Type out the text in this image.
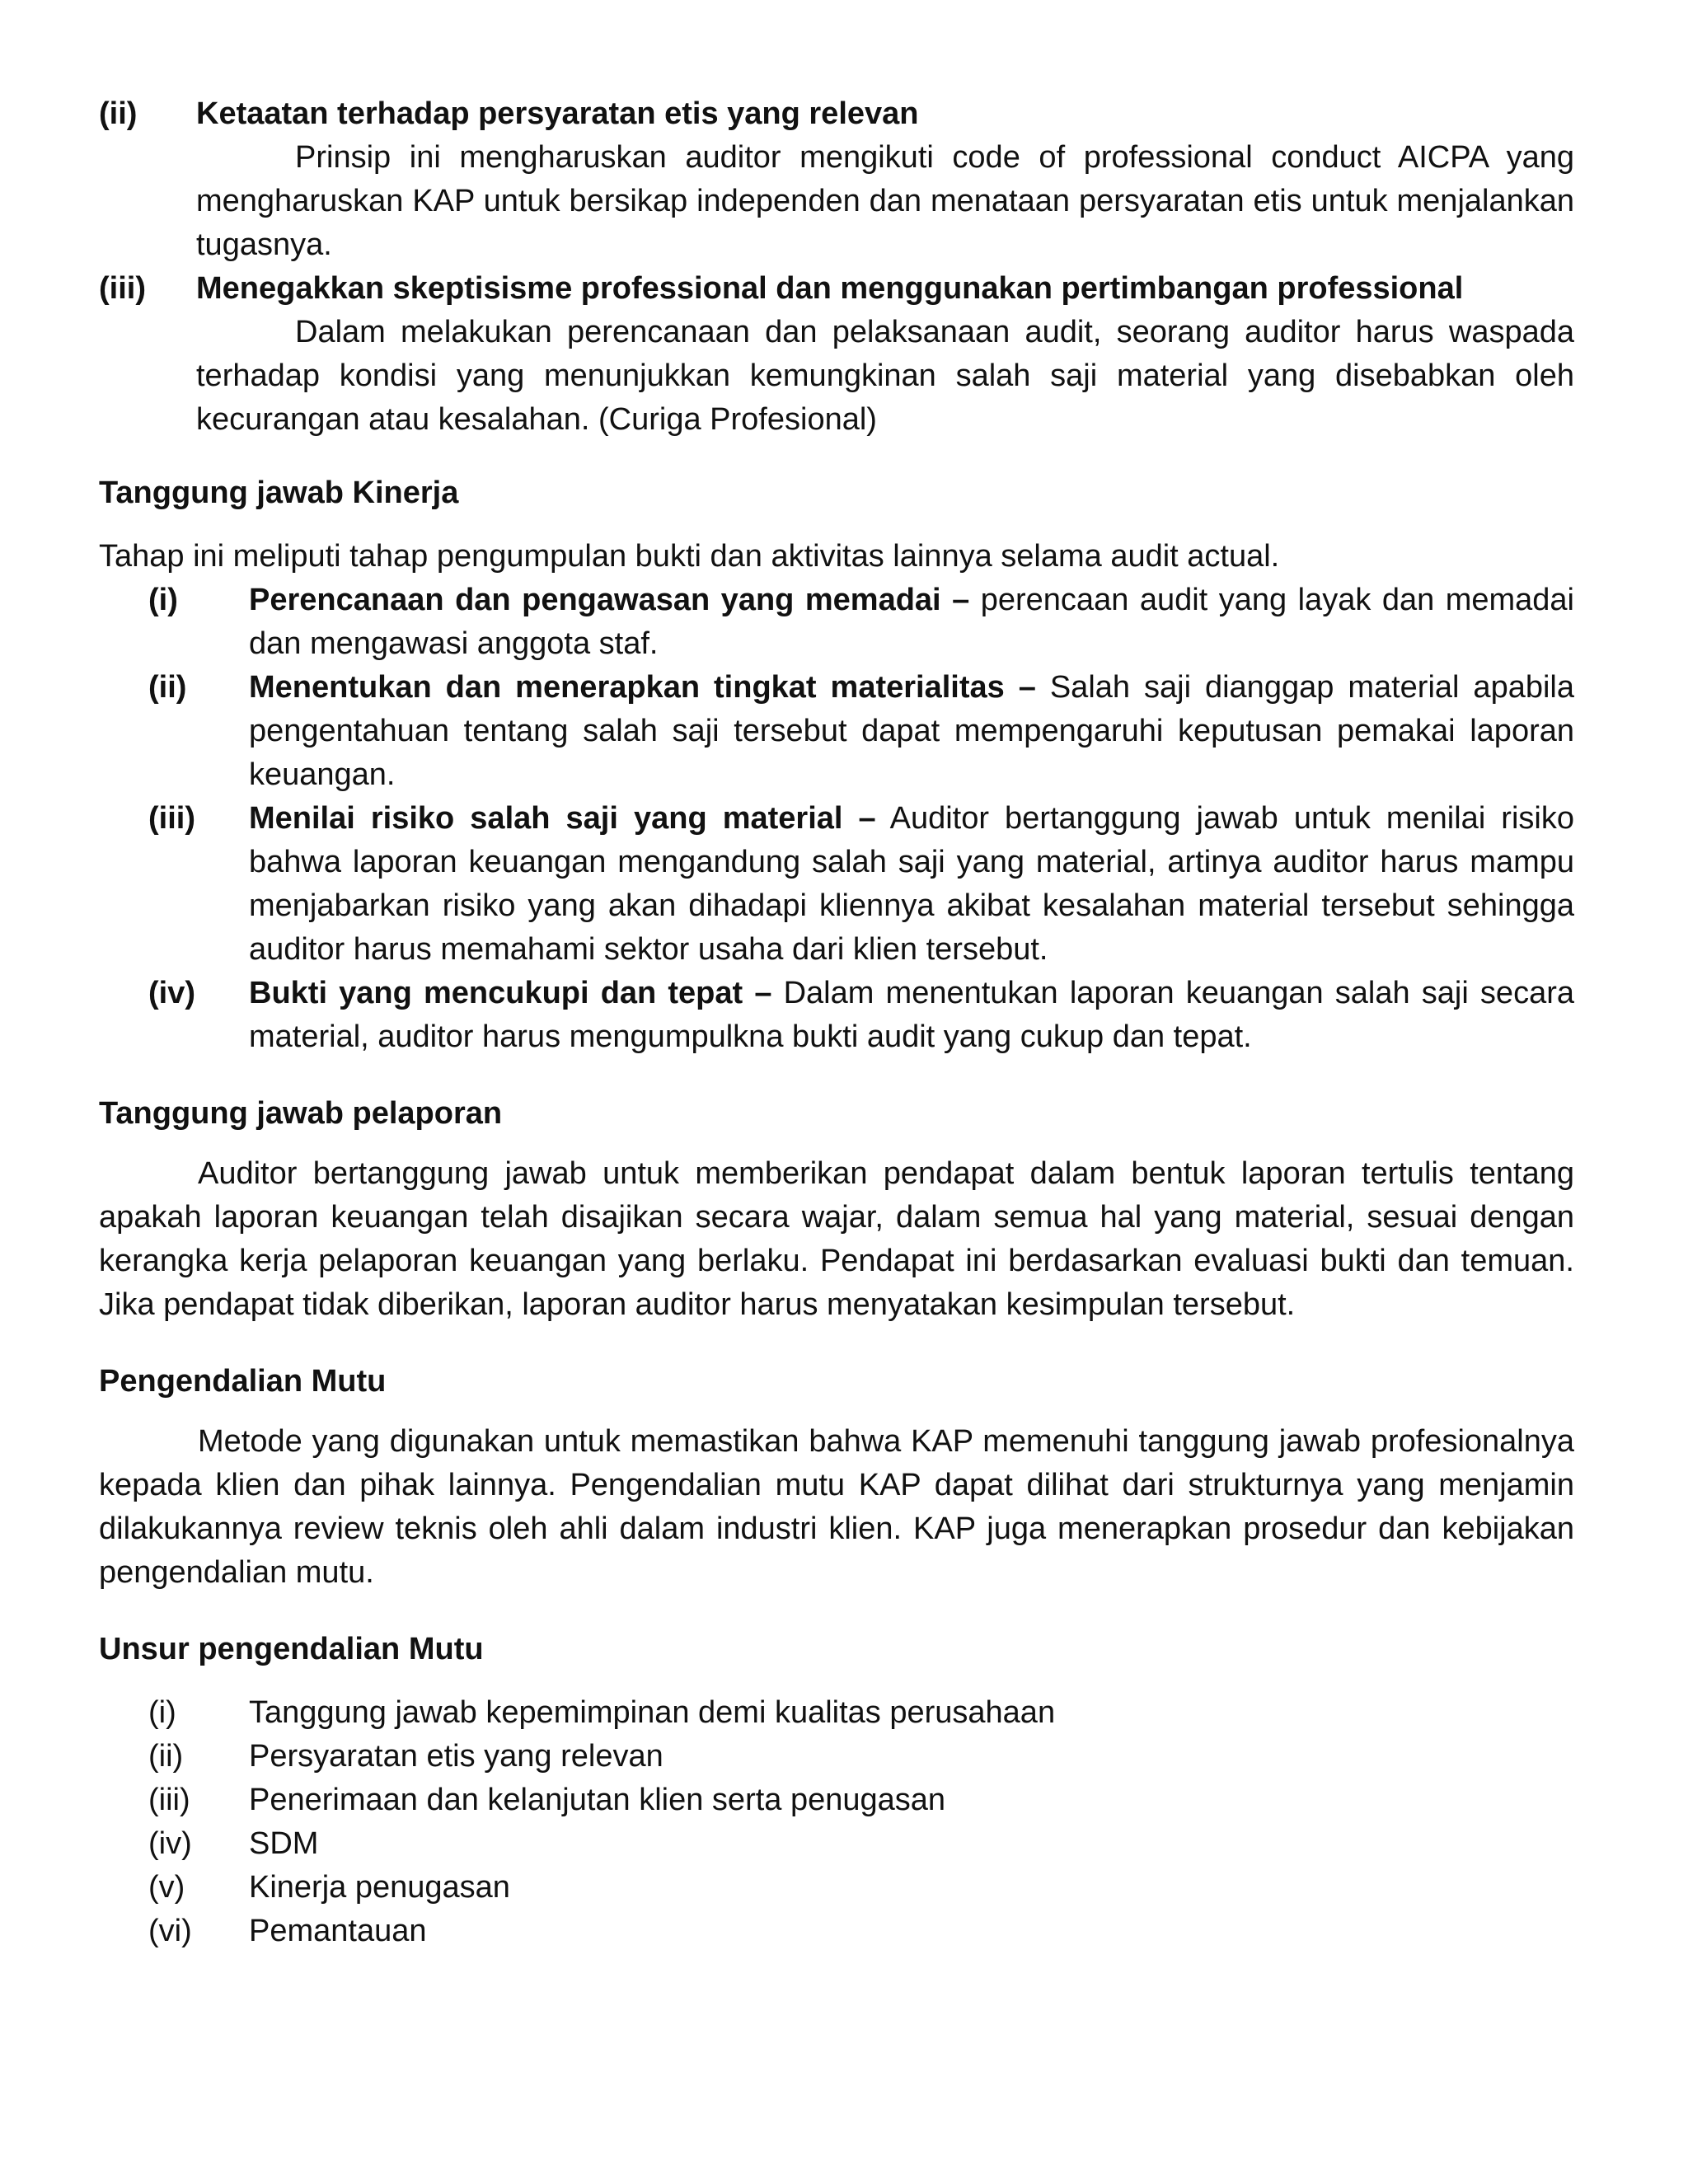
(ii)	Ketaatan terhadap persyaratan etis yang relevan

Prinsip ini mengharuskan auditor mengikuti code of professional conduct AICPA yang mengharuskan KAP untuk bersikap independen dan menataan persyaratan etis untuk menjalankan tugasnya.

(iii)	Menegakkan skeptisisme professional dan menggunakan pertimbangan professional

Dalam melakukan perencanaan dan pelaksanaan audit, seorang auditor harus waspada terhadap kondisi yang menunjukkan kemungkinan salah saji material yang disebabkan oleh kecurangan atau kesalahan. (Curiga Profesional)

Tanggung jawab Kinerja

Tahap ini meliputi tahap pengumpulan bukti dan aktivitas lainnya selama audit actual.

(i)	Perencanaan dan pengawasan yang memadai – perencaan audit yang layak dan memadai dan mengawasi anggota staf.
(ii)	Menentukan dan menerapkan tingkat materialitas – Salah saji dianggap material apabila pengentahuan tentang salah saji tersebut dapat mempengaruhi keputusan pemakai laporan keuangan.
(iii)	Menilai risiko salah saji yang material – Auditor bertanggung jawab untuk menilai risiko bahwa laporan keuangan mengandung salah saji yang material, artinya auditor harus mampu menjabarkan risiko yang akan dihadapi kliennya akibat kesalahan material tersebut sehingga auditor harus memahami sektor usaha dari klien tersebut.
(iv)	Bukti yang mencukupi dan tepat – Dalam menentukan laporan keuangan salah saji secara material, auditor harus mengumpulkna bukti audit yang cukup dan tepat.
Tanggung jawab pelaporan

Auditor bertanggung jawab untuk memberikan pendapat dalam bentuk laporan tertulis tentang apakah laporan keuangan telah disajikan secara wajar, dalam semua hal yang material, sesuai dengan kerangka kerja pelaporan keuangan yang berlaku. Pendapat ini berdasarkan evaluasi bukti dan temuan. Jika pendapat tidak diberikan, laporan auditor harus menyatakan kesimpulan tersebut.

Pengendalian Mutu

Metode yang digunakan untuk memastikan bahwa KAP memenuhi tanggung jawab profesionalnya kepada klien dan pihak lainnya. Pengendalian mutu KAP dapat dilihat dari strukturnya yang menjamin dilakukannya review teknis oleh ahli dalam industri klien. KAP juga menerapkan prosedur dan kebijakan pengendalian mutu.

Unsur pengendalian Mutu
(i)	Tanggung jawab kepemimpinan demi kualitas perusahaan
(ii)	Persyaratan etis yang relevan
(iii)	Penerimaan dan kelanjutan klien serta penugasan
(iv)	SDM
(v)	Kinerja penugasan
(vi)	Pemantauan
